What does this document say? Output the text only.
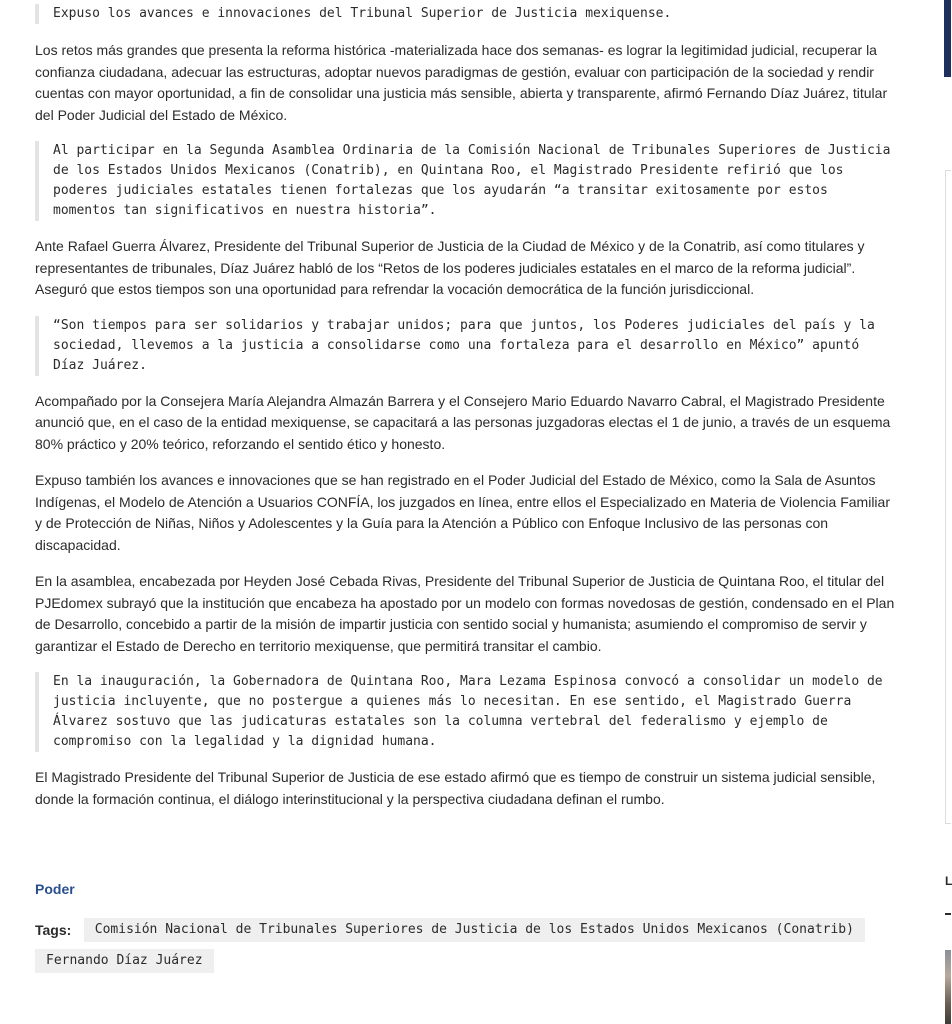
Expuso los avances e innovaciones del Tribunal Superior de Justicia mexiquense.

Los retos más grandes que presenta la reforma histórica -materializada hace dos semanas- es lograr la legitimidad judicial, recuperar la confianza ciudadana, adecuar las estructuras, adoptar nuevos paradigmas de gestión, evaluar con participación de la sociedad y rendir cuentas con mayor oportunidad, a fin de consolidar una justicia más sensible, abierta y transparente, afirmó Fernando Díaz Juárez, titular del Poder Judicial del Estado de México.

Al participar en la Segunda Asamblea Ordinaria de la Comisión Nacional de Tribunales Superiores de Justicia de los Estados Unidos Mexicanos (Conatrib), en Quintana Roo, el Magistrado Presidente refirió que los poderes judiciales estatales tienen fortalezas que los ayudarán “a transitar exitosamente por estos momentos tan significativos en nuestra historia”.

Ante Rafael Guerra Álvarez, Presidente del Tribunal Superior de Justicia de la Ciudad de México y de la Conatrib, así como titulares y representantes de tribunales, Díaz Juárez habló de los “Retos de los poderes judiciales estatales en el marco de la reforma judicial”. Aseguró que estos tiempos son una oportunidad para refrendar la vocación democrática de la función jurisdiccional.

“Son tiempos para ser solidarios y trabajar unidos; para que juntos, los Poderes judiciales del país y la sociedad, llevemos a la justicia a consolidarse como una fortaleza para el desarrollo en México” apuntó Díaz Juárez.

Acompañado por la Consejera María Alejandra Almazán Barrera y el Consejero Mario Eduardo Navarro Cabral, el Magistrado Presidente anunció que, en el caso de la entidad mexiquense, se capacitará a las personas juzgadoras electas el 1 de junio, a través de un esquema 80% práctico y 20% teórico, reforzando el sentido ético y honesto.

Expuso también los avances e innovaciones que se han registrado en el Poder Judicial del Estado de México, como la Sala de Asuntos Indígenas, el Modelo de Atención a Usuarios CONFÍA, los juzgados en línea, entre ellos el Especializado en Materia de Violencia Familiar y de Protección de Niñas, Niños y Adolescentes y la Guía para la Atención a Público con Enfoque Inclusivo de las personas con discapacidad.

En la asamblea, encabezada por Heyden José Cebada Rivas, Presidente del Tribunal Superior de Justicia de Quintana Roo, el titular del PJEdomex subrayó que la institución que encabeza ha apostado por un modelo con formas novedosas de gestión, condensado en el Plan de Desarrollo, concebido a partir de la misión de impartir justicia con sentido social y humanista; asumiendo el compromiso de servir y garantizar el Estado de Derecho en territorio mexiquense, que permitirá transitar el cambio.

En la inauguración, la Gobernadora de Quintana Roo, Mara Lezama Espinosa convocó a consolidar un modelo de justicia incluyente, que no postergue a quienes más lo necesitan. En ese sentido, el Magistrado Guerra Álvarez sostuvo que las judicaturas estatales son la columna vertebral del federalismo y ejemplo de compromiso con la legalidad y la dignidad humana.

El Magistrado Presidente del Tribunal Superior de Justicia de ese estado afirmó que es tiempo de construir un sistema judicial sensible, donde la formación continua, el diálogo interinstitucional y la perspectiva ciudadana definan el rumbo.

Poder
Tags: Comisión Nacional de Tribunales Superiores de Justicia de los Estados Unidos Mexicanos (Conatrib)
Fernando Díaz Juárez
L
